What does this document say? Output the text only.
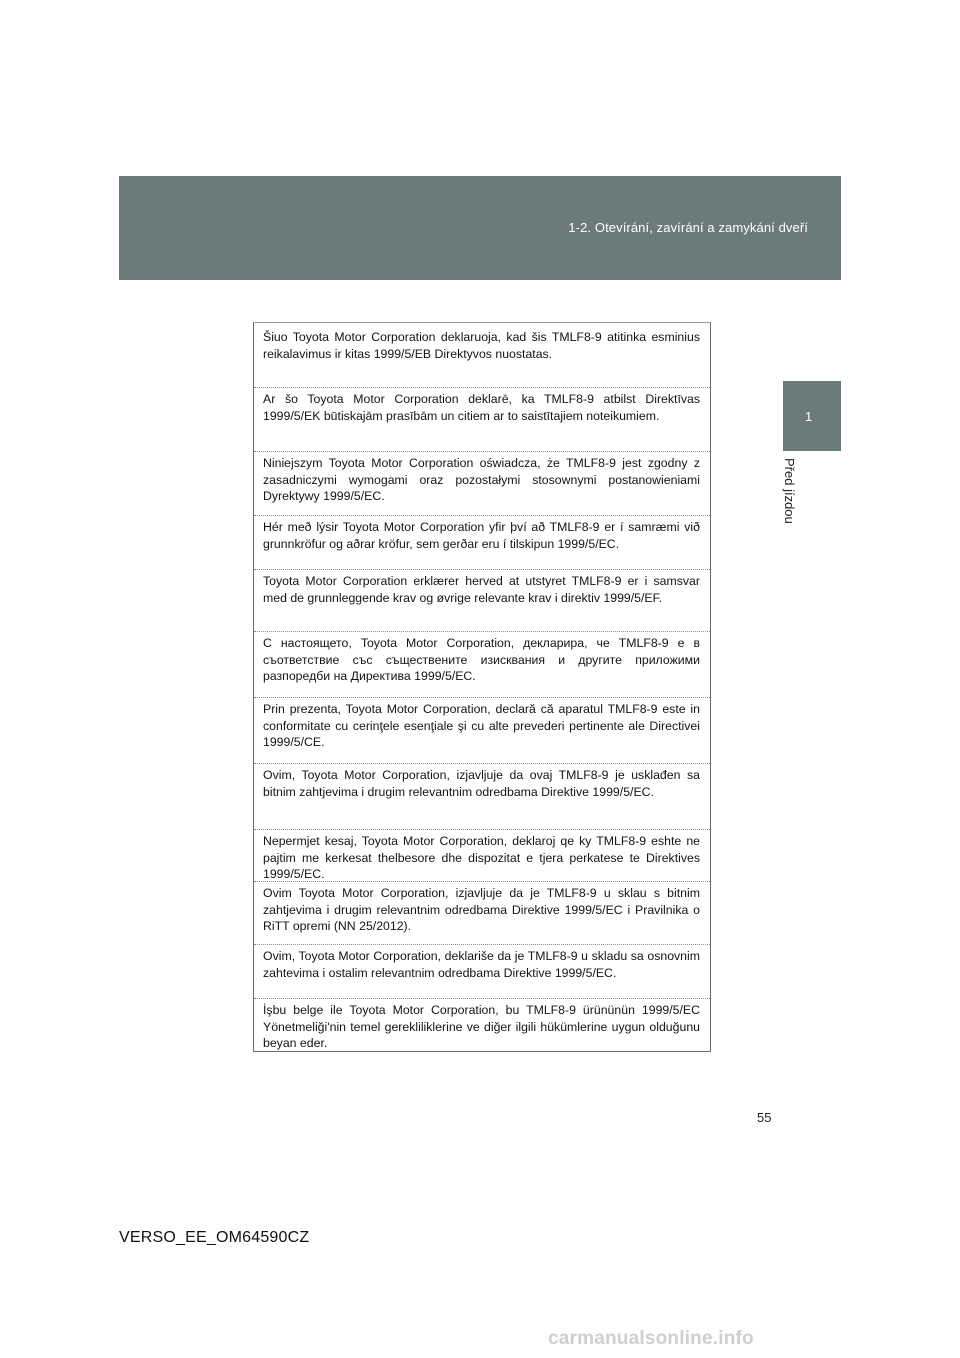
1-2. Otevírání, zavírání a zamykání dveří
1
Před jízdou
Šiuo Toyota Motor Corporation deklaruoja, kad šis TMLF8-9 atitinka esminius reikalavimus ir kitas 1999/5/EB Direktyvos nuostatas.
Ar šo Toyota Motor Corporation deklarē, ka TMLF8-9 atbilst Direktīvas 1999/5/EK būtiskajām prasībām un citiem ar to saistītajiem noteikumiem.
Niniejszym Toyota Motor Corporation oświadcza, że TMLF8-9 jest zgodny z zasadniczymi wymogami oraz pozostałymi stosownymi postanowieniami Dyrektywy 1999/5/EC.
Hér með lýsir Toyota Motor Corporation yfir því að TMLF8-9 er í samræmi við grunnkröfur og aðrar kröfur, sem gerðar eru í tilskipun 1999/5/EC.
Toyota Motor Corporation erklærer herved at utstyret TMLF8-9 er i samsvar med de grunnleggende krav og øvrige relevante krav i direktiv 1999/5/EF.
С настоящето, Toyota Motor Corporation, декларира, че TMLF8-9 е в съответствие със съществените изисквания и другите приложими разпоредби на Директива 1999/5/EC.
Prin prezenta, Toyota Motor Corporation, declară că aparatul TMLF8-9 este in conformitate cu cerinţele esenţiale şi cu alte prevederi pertinente ale Directivei 1999/5/CE.
Ovim, Toyota Motor Corporation, izjavljuje da ovaj TMLF8-9 je usklađen sa bitnim zahtjevima i drugim relevantnim odredbama Direktive 1999/5/EC.
Nepermjet kesaj, Toyota Motor Corporation, deklaroj qe ky TMLF8-9 eshte ne pajtim me kerkesat thelbesore dhe dispozitat e tjera perkatese te Direktives 1999/5/EC.
Ovim Toyota Motor Corporation, izjavljuje da je TMLF8-9 u sklau s bitnim zahtjevima i drugim relevantnim odredbama Direktive 1999/5/EC i Pravilnika o RiTT opremi (NN 25/2012).
Ovim, Toyota Motor Corporation, deklariše da je TMLF8-9 u skladu sa osnovnim zahtevima i ostalim relevantnim odredbama Direktive 1999/5/EC.
İşbu belge ile Toyota Motor Corporation, bu TMLF8-9 ürününün 1999/5/EC Yönetmeliği'nin temel gerekliliklerine ve diğer ilgili hükümlerine uygun olduğunu beyan eder.
55
VERSO_EE_OM64590CZ
carmanualsonline.info
